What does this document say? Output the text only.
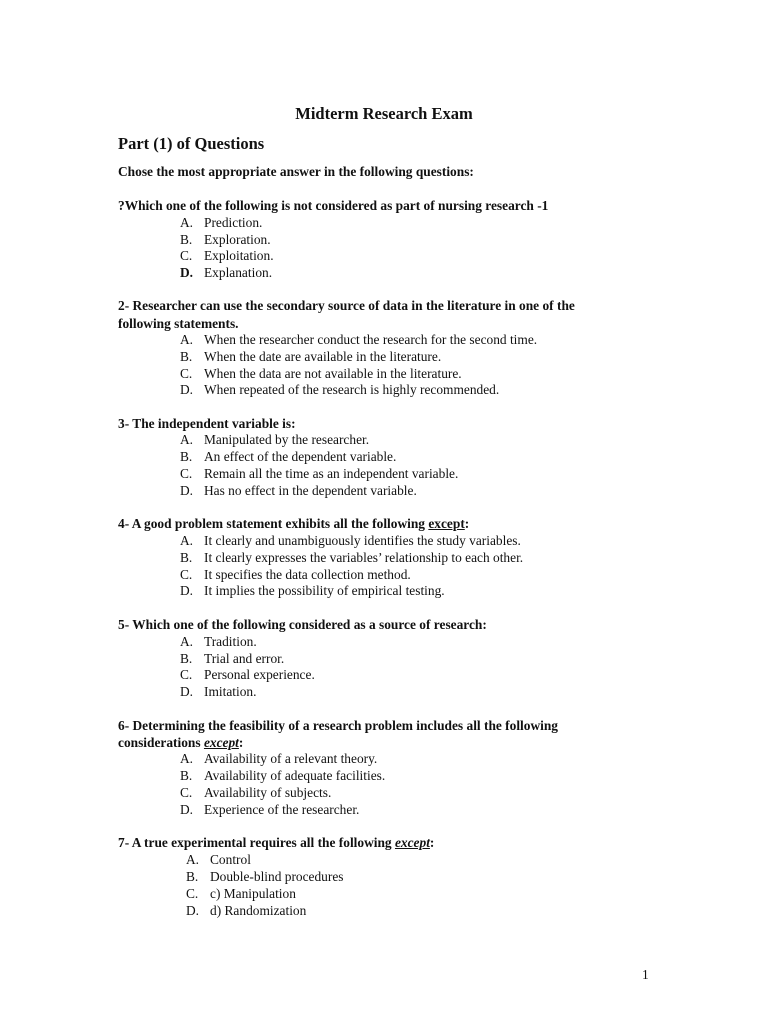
Midterm Research Exam
Part (1) of Questions
Chose the most appropriate answer in the following questions:
?Which one of the following is not considered as part of nursing research -1
A. Prediction.
B. Exploration.
C. Exploitation.
D. Explanation.
2- Researcher can use the secondary source of data in the literature in one of the
following statements.
A. When the researcher conduct the research for the second time.
B. When the date are available in the literature.
C. When the data are not available in the literature.
D. When repeated of the research is highly recommended.
3- The independent variable is:
A. Manipulated by the researcher.
B. An effect of the dependent variable.
C. Remain all the time as an independent variable.
D. Has no effect in the dependent variable.
4- A good problem statement exhibits all the following except:
A. It clearly and unambiguously identifies the study variables.
B. It clearly expresses the variables’ relationship to each other.
C. It specifies the data collection method.
D. It implies the possibility of empirical testing.
5- Which one of the following considered as a source of research:
A. Tradition.
B. Trial and error.
C. Personal experience.
D. Imitation.
6- Determining the feasibility of a research problem includes all the following
considerations except:
A. Availability of a relevant theory.
B. Availability of adequate facilities.
C. Availability of subjects.
D. Experience of the researcher.
7- A true experimental requires all the following except:
A. Control
B. Double-blind procedures
C. c) Manipulation
D. d) Randomization
1
